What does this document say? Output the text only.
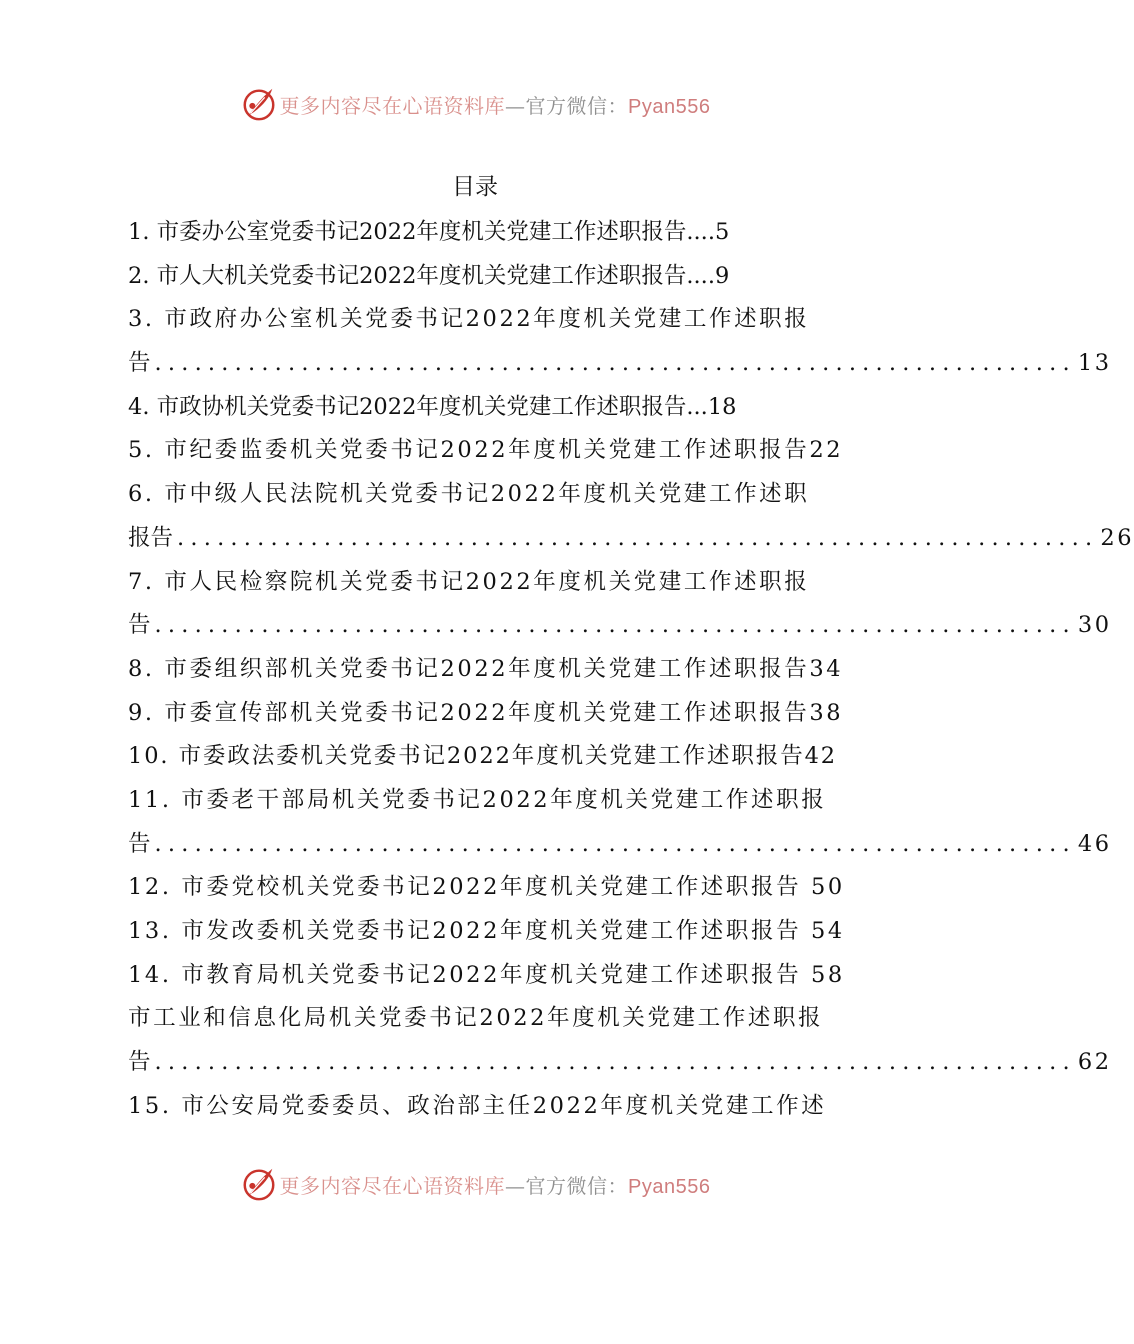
更多内容尽在心语资料库—官方微信：Pyan556
目录
1. 市委办公室党委书记2022年度机关党建工作述职报告....5
2. 市人大机关党委书记2022年度机关党建工作述职报告....9
3. 市政府办公室机关党委书记2022年度机关党建工作述职报
告 ..................................................................... 13
4. 市政协机关党委书记2022年度机关党建工作述职报告...18
5. 市纪委监委机关党委书记2022年度机关党建工作述职报告22
6. 市中级人民法院机关党委书记2022年度机关党建工作述职
报告 ..................................................................... 26
7. 市人民检察院机关党委书记2022年度机关党建工作述职报
告 ..................................................................... 30
8. 市委组织部机关党委书记2022年度机关党建工作述职报告34
9. 市委宣传部机关党委书记2022年度机关党建工作述职报告38
10. 市委政法委机关党委书记2022年度机关党建工作述职报告42
11. 市委老干部局机关党委书记2022年度机关党建工作述职报
告 ..................................................................... 46
12. 市委党校机关党委书记2022年度机关党建工作述职报告 50
13. 市发改委机关党委书记2022年度机关党建工作述职报告 54
14. 市教育局机关党委书记2022年度机关党建工作述职报告 58
市工业和信息化局机关党委书记2022年度机关党建工作述职报
告 ..................................................................... 62
15. 市公安局党委委员、政治部主任2022年度机关党建工作述
更多内容尽在心语资料库—官方微信：Pyan556
